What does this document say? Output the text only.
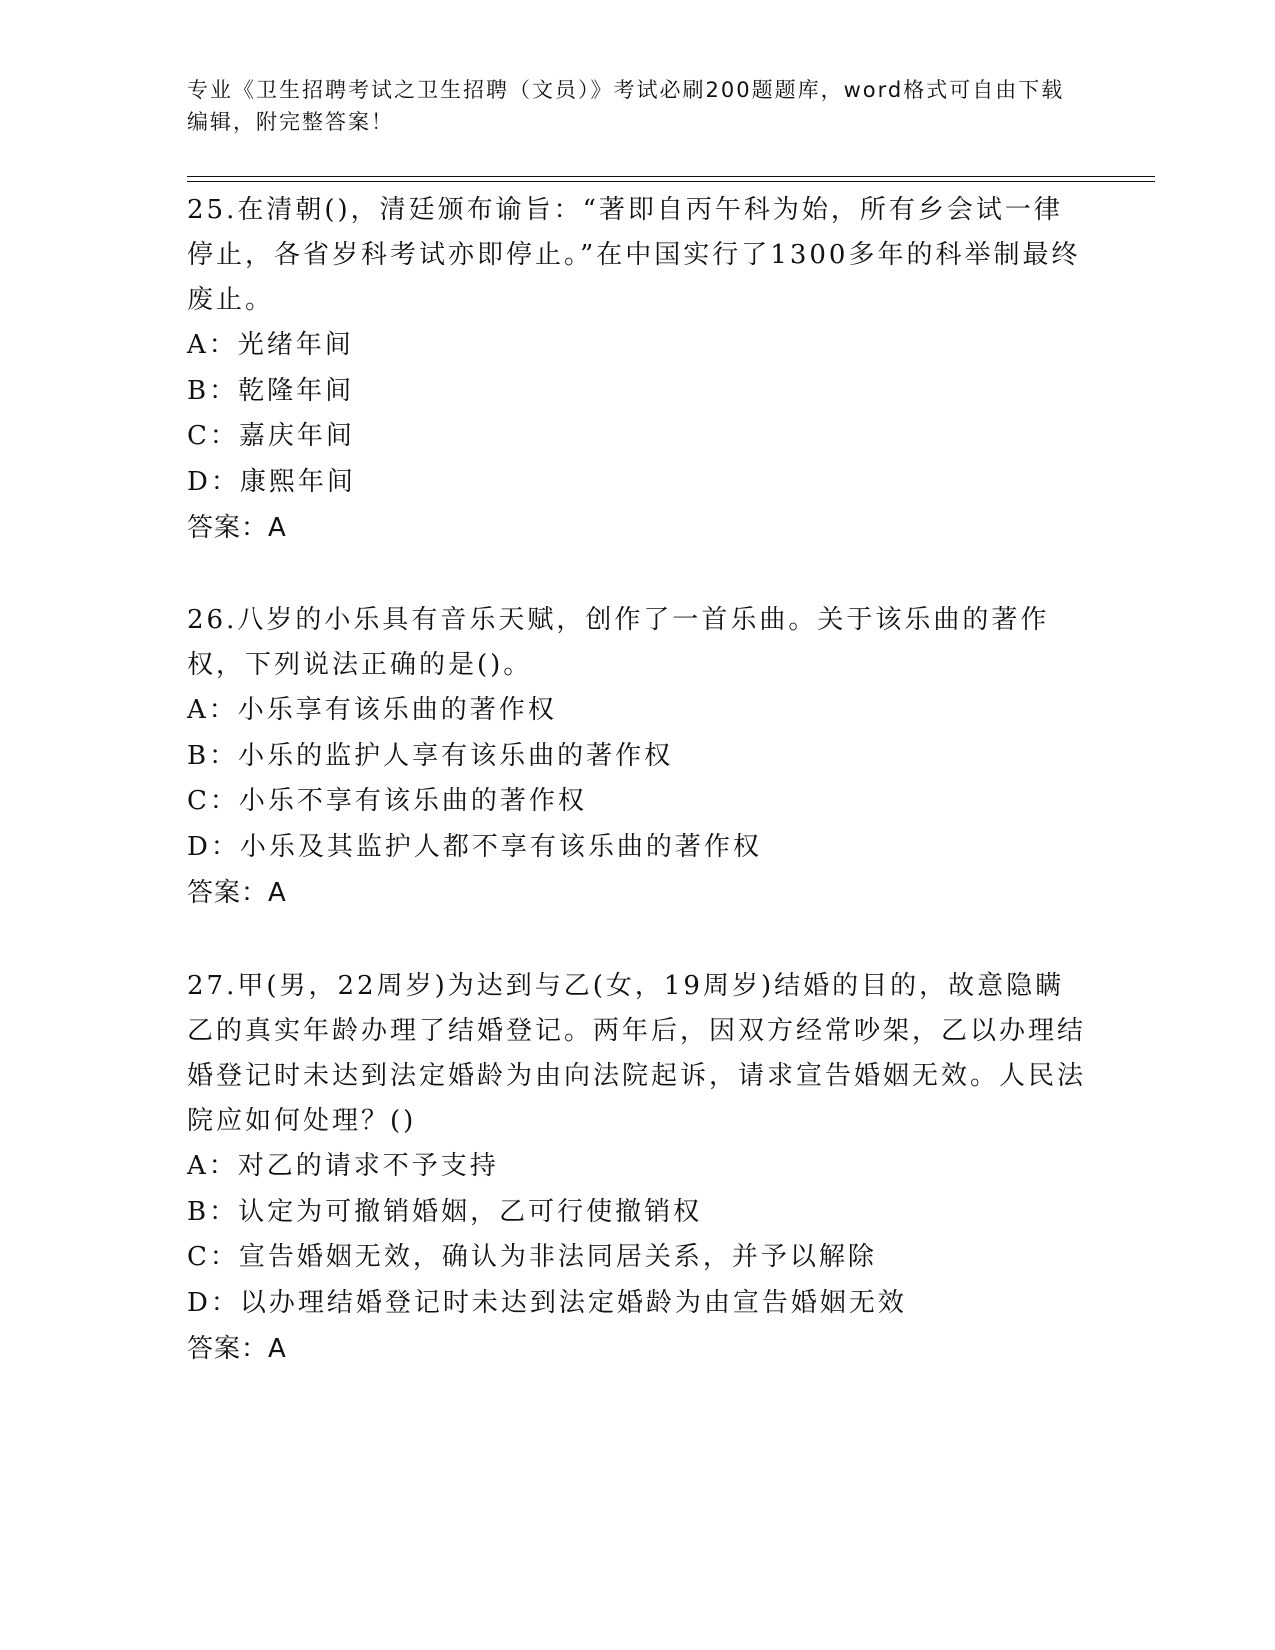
专业《卫生招聘考试之卫生招聘（文员）》考试必刷200题题库，word格式可自由下载编辑，附完整答案！
25.在清朝()，清廷颁布谕旨：“著即自丙午科为始，所有乡会试一律停止，各省岁科考试亦即停止。”在中国实行了1300多年的科举制最终废止。
A：光绪年间
B：乾隆年间
C：嘉庆年间
D：康熙年间
答案：A
26.八岁的小乐具有音乐天赋，创作了一首乐曲。关于该乐曲的著作权，下列说法正确的是()。
A：小乐享有该乐曲的著作权
B：小乐的监护人享有该乐曲的著作权
C：小乐不享有该乐曲的著作权
D：小乐及其监护人都不享有该乐曲的著作权
答案：A
27.甲(男，22周岁)为达到与乙(女，19周岁)结婚的目的，故意隐瞒乙的真实年龄办理了结婚登记。两年后，因双方经常吵架，乙以办理结婚登记时未达到法定婚龄为由向法院起诉，请求宣告婚姻无效。人民法院应如何处理？()
A：对乙的请求不予支持
B：认定为可撤销婚姻，乙可行使撤销权
C：宣告婚姻无效，确认为非法同居关系，并予以解除
D：以办理结婚登记时未达到法定婚龄为由宣告婚姻无效
答案：A
